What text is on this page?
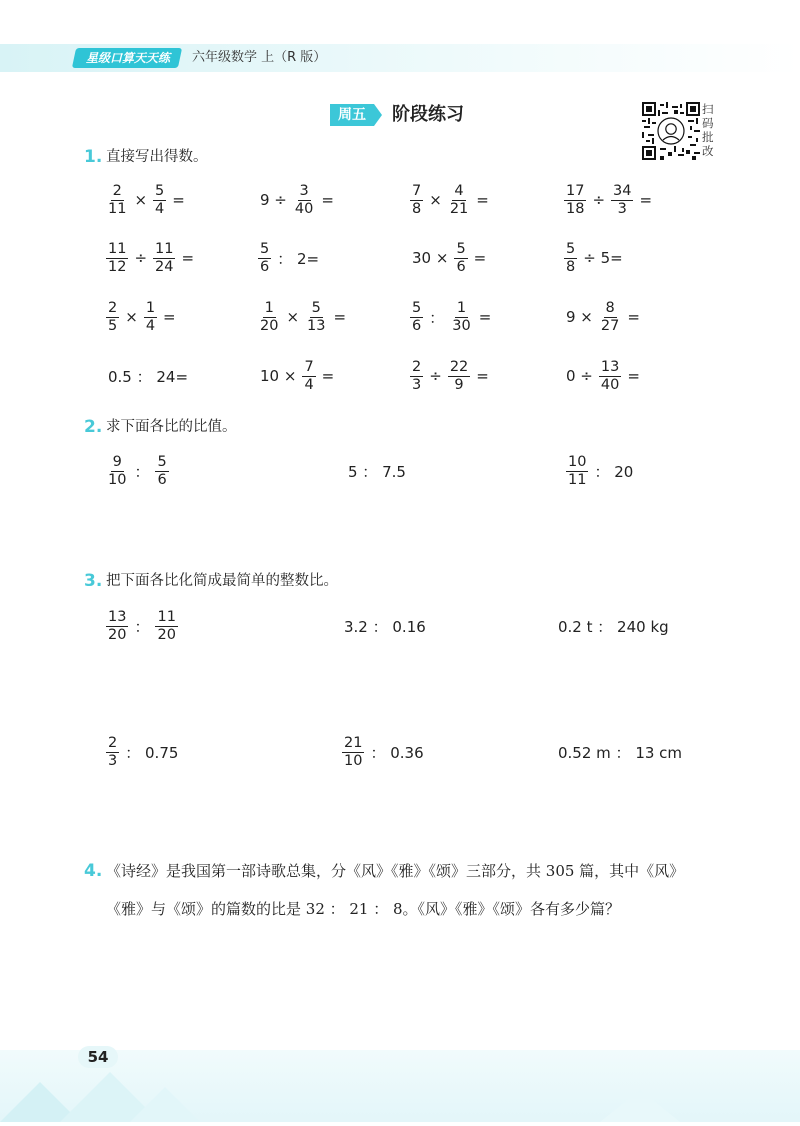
星级口算天天练	六年级数学 上（R 版）
周五	阶段练习	扫
码
批
改
1. 直接写出得数。
2. 求下面各比的比值。
3. 把下面各比化简成最简单的整数比。
4. 《诗经》是我国第一部诗歌总集，分《风》《雅》《颂》三部分，共 305 篇，其中《风》
《雅》与《颂》的篇数的比是 32 ： 21 ： 8。《风》《雅》《颂》各有多少篇？
54
$\frac{2}{11} \times \frac{5}{4}$ =	$9 \div \frac{3}{40}$ =	$\frac{7}{8} \times \frac{4}{21}$ =	$\frac{17}{18} \div \frac{34}{3}$ =
$\frac{11}{12} \div \frac{11}{24}$ =	$\frac{5}{6}$ ： 2=	$30 \times \frac{5}{6}$ =	$\frac{5}{8} \div 5=$
$\frac{2}{5} \times \frac{1}{4}$ =	$\frac{1}{20} \times \frac{5}{13}$ =	$\frac{5}{6}$ ： $\frac{1}{30}$ =	$9 \times \frac{8}{27}$ =
0.5 ： 24=	$10 \times \frac{7}{4}$ =	$\frac{2}{3} \div \frac{22}{9}$ =	$0 \div \frac{13}{40}$ =
$\frac{9}{10}$ ： $\frac{5}{6}$	5 ： 7.5	$\frac{10}{11}$ ： 20
$\frac{13}{20}$ ： $\frac{11}{20}$	3.2 ： 0.16	0.2 t ： 240 kg
$\frac{2}{3}$ ： 0.75	$\frac{21}{10}$ ： 0.36	0.52 m ： 13 cm
